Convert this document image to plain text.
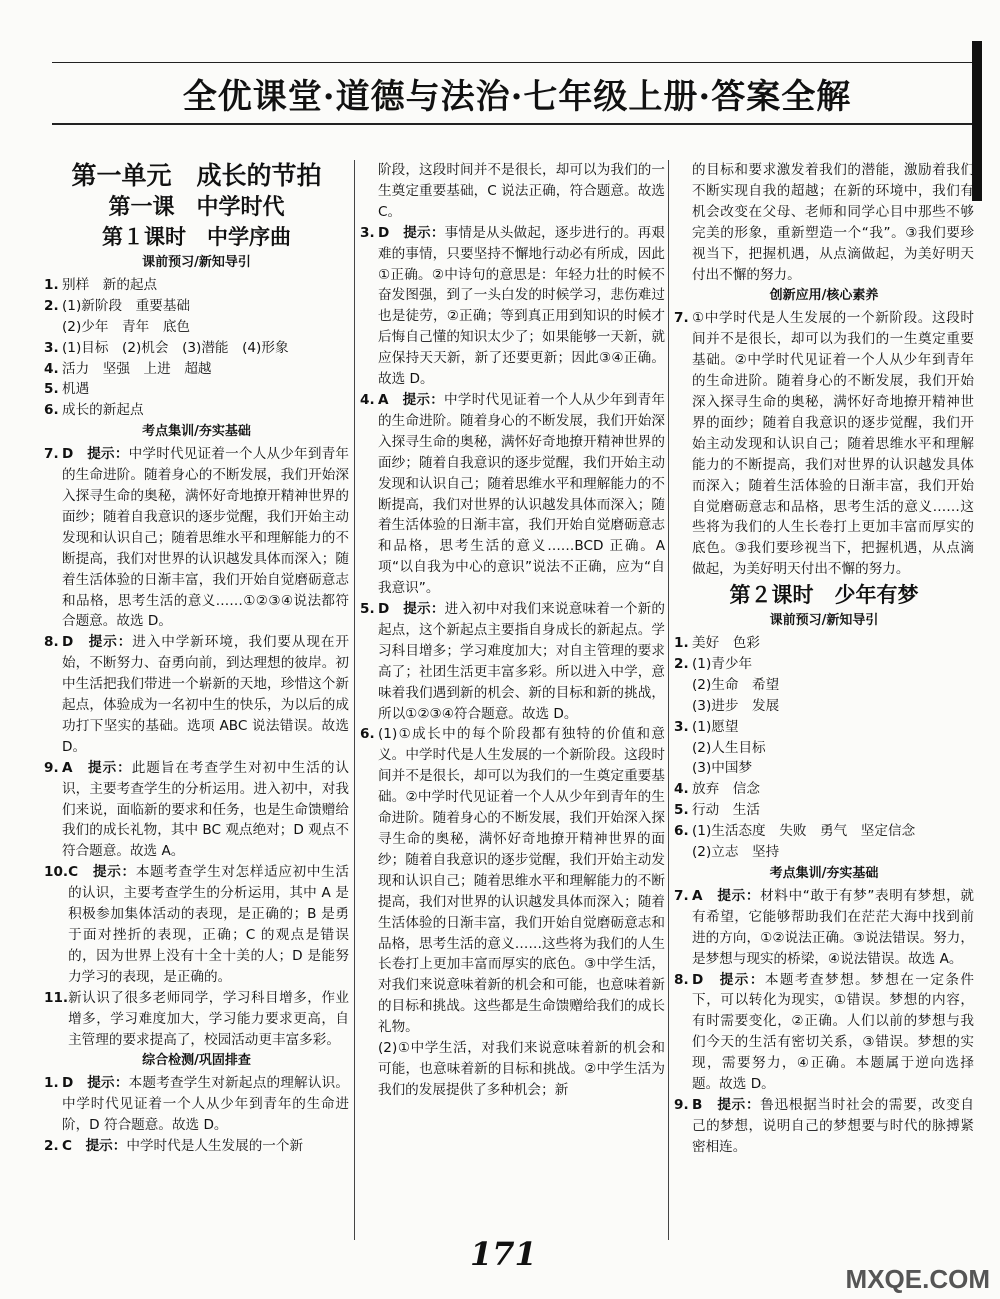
全优课堂·道德与法治·七年级上册·答案全解
第一单元　成长的节拍
第一课　中学时代
第１课时　中学序曲
课前预习/新知导引
1. 别样　新的起点

2. (1)新阶段　重要基础
(2)少年　青年　底色

3. (1)目标　(2)机会　(3)潜能　(4)形象

4. 活力　坚强　上进　超越

5. 机遇

6. 成长的新起点

考点集训/夯实基础
7. D　提示：中学时代见证着一个人从少年到青年的生命进阶。随着身心的不断发展，我们开始深入探寻生命的奥秘，满怀好奇地撩开精神世界的面纱；随着自我意识的逐步觉醒，我们开始主动发现和认识自己；随着思维水平和理解能力的不断提高，我们对世界的认识越发具体而深入；随着生活体验的日渐丰富，我们开始自觉磨砺意志和品格，思考生活的意义……①②③④说法都符合题意。故选 D。

8. D　提示：进入中学新环境，我们要从现在开始，不断努力、奋勇向前，到达理想的彼岸。初中生活把我们带进一个崭新的天地，珍惜这个新起点，体验成为一名初中生的快乐，为以后的成功打下坚实的基础。选项 ABC 说法错误。故选 D。

9. A　提示：此题旨在考查学生对初中生活的认识，主要考查学生的分析运用。进入初中，对我们来说，面临新的要求和任务，也是生命馈赠给我们的成长礼物，其中 BC 观点绝对；D 观点不符合题意。故选 A。

10. C　提示：本题考查学生对怎样适应初中生活的认识，主要考查学生的分析运用，其中 A 是积极参加集体活动的表现，是正确的；B 是勇于面对挫折的表现，正确；C 的观点是错误的，因为世界上没有十全十美的人；D 是能努力学习的表现，是正确的。

11. 新认识了很多老师同学，学习科目增多，作业增多，学习难度加大，学习能力要求更高，自主管理的要求提高了，校园活动更丰富多彩。

综合检测/巩固排查
1. D　提示：本题考查学生对新起点的理解认识。中学时代见证着一个人从少年到青年的生命进阶，D 符合题意。故选 D。

2. C　提示：中学时代是人生发展的一个新

阶段，这段时间并不是很长，却可以为我们的一生奠定重要基础，C 说法正确，符合题意。故选 C。

3. D　提示：事情是从头做起，逐步进行的。再艰难的事情，只要坚持不懈地行动必有所成，因此①正确。②中诗句的意思是：年轻力壮的时候不奋发图强，到了一头白发的时候学习，悲伤难过也是徒劳，②正确；等到真正用到知识的时候才后悔自己懂的知识太少了；如果能够一天新，就应保持天天新，新了还要更新；因此③④正确。故选 D。

4. A　提示：中学时代见证着一个人从少年到青年的生命进阶。随着身心的不断发展，我们开始深入探寻生命的奥秘，满怀好奇地撩开精神世界的面纱；随着自我意识的逐步觉醒，我们开始主动发现和认识自己；随着思维水平和理解能力的不断提高，我们对世界的认识越发具体而深入；随着生活体验的日渐丰富，我们开始自觉磨砺意志和品格，思考生活的意义……BCD 正确。A 项“以自我为中心的意识”说法不正确，应为“自我意识”。

5. D　提示：进入初中对我们来说意味着一个新的起点，这个新起点主要指自身成长的新起点。学习科目增多；学习难度加大；对自主管理的要求高了；社团生活更丰富多彩。所以进入中学，意味着我们遇到新的机会、新的目标和新的挑战，所以①②③④符合题意。故选 D。

6. (1)①成长中的每个阶段都有独特的价值和意义。中学时代是人生发展的一个新阶段。这段时间并不是很长，却可以为我们的一生奠定重要基础。②中学时代见证着一个人从少年到青年的生命进阶。随着身心的不断发展，我们开始深入探寻生命的奥秘，满怀好奇地撩开精神世界的面纱；随着自我意识的逐步觉醒，我们开始主动发现和认识自己；随着思维水平和理解能力的不断提高，我们对世界的认识越发具体而深入；随着生活体验的日渐丰富，我们开始自觉磨砺意志和品格，思考生活的意义……这些将为我们的人生长卷打上更加丰富而厚实的底色。③中学生活，对我们来说意味着新的机会和可能，也意味着新的目标和挑战。这些都是生命馈赠给我们的成长礼物。
(2)①中学生活，对我们来说意味着新的机会和可能，也意味着新的目标和挑战。②中学生活为我们的发展提供了多种机会；新

的目标和要求激发着我们的潜能，激励着我们不断实现自我的超越；在新的环境中，我们有机会改变在父母、老师和同学心目中那些不够完美的形象，重新塑造一个“我”。③我们要珍视当下，把握机遇，从点滴做起，为美好明天付出不懈的努力。

创新应用/核心素养
7. ①中学时代是人生发展的一个新阶段。这段时间并不是很长，却可以为我们的一生奠定重要基础。②中学时代见证着一个人从少年到青年的生命进阶。随着身心的不断发展，我们开始深入探寻生命的奥秘，满怀好奇地撩开精神世界的面纱；随着自我意识的逐步觉醒，我们开始主动发现和认识自己；随着思维水平和理解能力的不断提高，我们对世界的认识越发具体而深入；随着生活体验的日渐丰富，我们开始自觉磨砺意志和品格，思考生活的意义……这些将为我们的人生长卷打上更加丰富而厚实的底色。③我们要珍视当下，把握机遇，从点滴做起，为美好明天付出不懈的努力。

第２课时　少年有梦
课前预习/新知导引
1. 美好　色彩

2. (1)青少年
(2)生命　希望
(3)进步　发展

3. (1)愿望
(2)人生目标
(3)中国梦

4. 放弃　信念

5. 行动　生活

6. (1)生活态度　失败　勇气　坚定信念
(2)立志　坚持

考点集训/夯实基础
7. A　提示：材料中“敢于有梦”表明有梦想，就有希望，它能够帮助我们在茫茫大海中找到前进的方向，①②说法正确。③说法错误。努力，是梦想与现实的桥梁，④说法错误。故选 A。

8. D　提示：本题考查梦想。梦想在一定条件下，可以转化为现实，①错误。梦想的内容，有时需要变化，②正确。人们以前的梦想与我们今天的生活有密切关系，③错误。梦想的实现，需要努力，④正确。本题属于逆向选择题。故选 D。

9. B　提示：鲁迅根据当时社会的需要，改变自己的梦想，说明自己的梦想要与时代的脉搏紧密相连。

171
MXQE.COM
